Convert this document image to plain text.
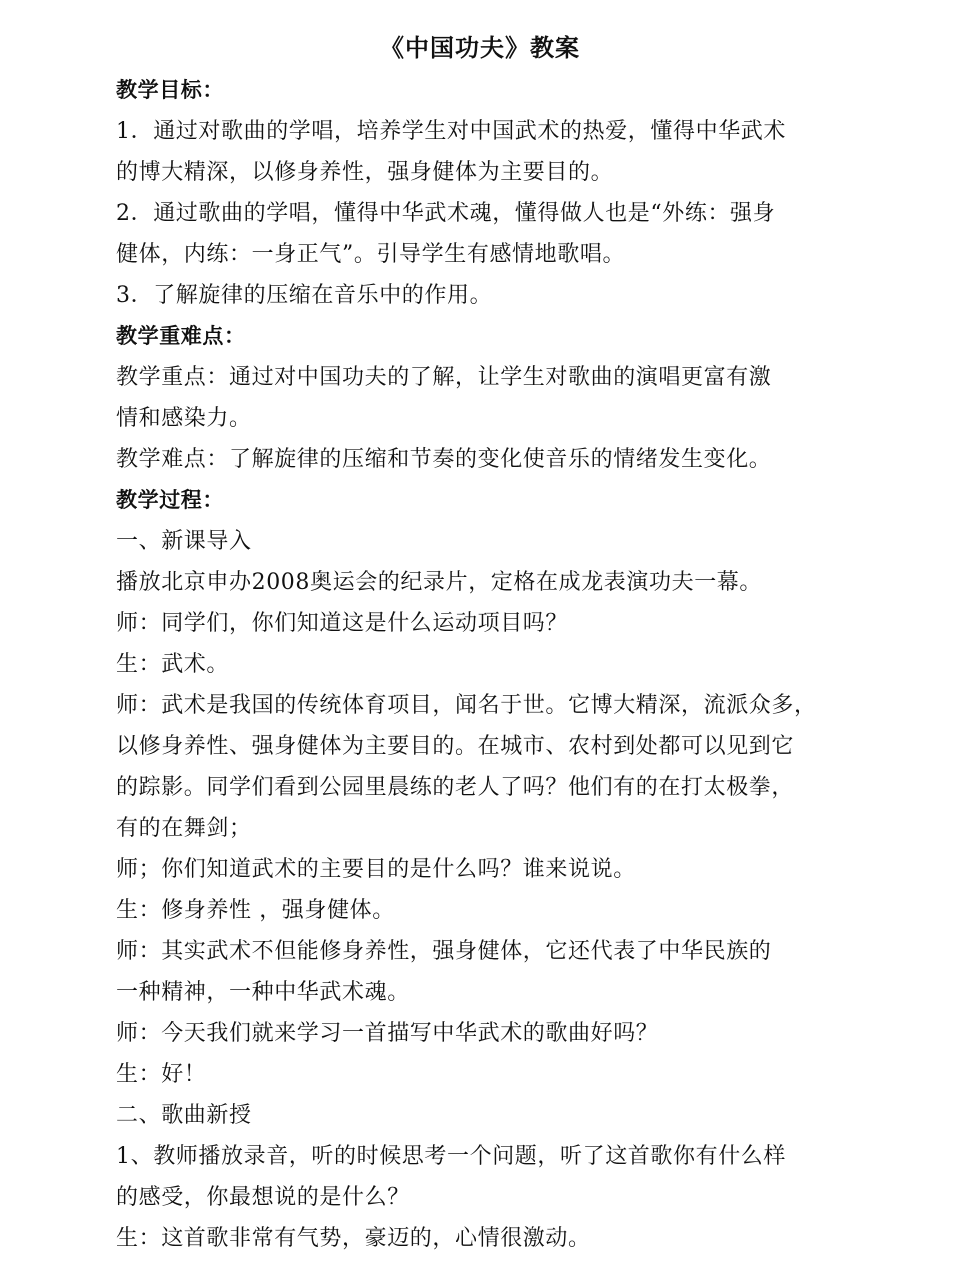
《中国功夫》教案
教学目标：
1．通过对歌曲的学唱，培养学生对中国武术的热爱，懂得中华武术
的博大精深，以修身养性，强身健体为主要目的。
2．通过歌曲的学唱，懂得中华武术魂，懂得做人也是“外练：强身
健体，内练：一身正气”。引导学生有感情地歌唱。
3．了解旋律的压缩在音乐中的作用。
教学重难点：
教学重点：通过对中国功夫的了解，让学生对歌曲的演唱更富有激
情和感染力。
教学难点：了解旋律的压缩和节奏的变化使音乐的情绪发生变化。
教学过程：
一、新课导入
播放北京申办2008奥运会的纪录片，定格在成龙表演功夫一幕。
师：同学们，你们知道这是什么运动项目吗？
生：武术。
师：武术是我国的传统体育项目，闻名于世。它博大精深，流派众多，
以修身养性、强身健体为主要目的。在城市、农村到处都可以见到它
的踪影。同学们看到公园里晨练的老人了吗？他们有的在打太极拳，
有的在舞剑；
师；你们知道武术的主要目的是什么吗？谁来说说。
生：修身养性 ，强身健体。
师：其实武术不但能修身养性，强身健体，它还代表了中华民族的
一种精神，一种中华武术魂。
师：今天我们就来学习一首描写中华武术的歌曲好吗？
生：好！
二、歌曲新授
1、教师播放录音，听的时候思考一个问题，听了这首歌你有什么样
的感受，你最想说的是什么？
生：这首歌非常有气势，豪迈的，心情很激动。
